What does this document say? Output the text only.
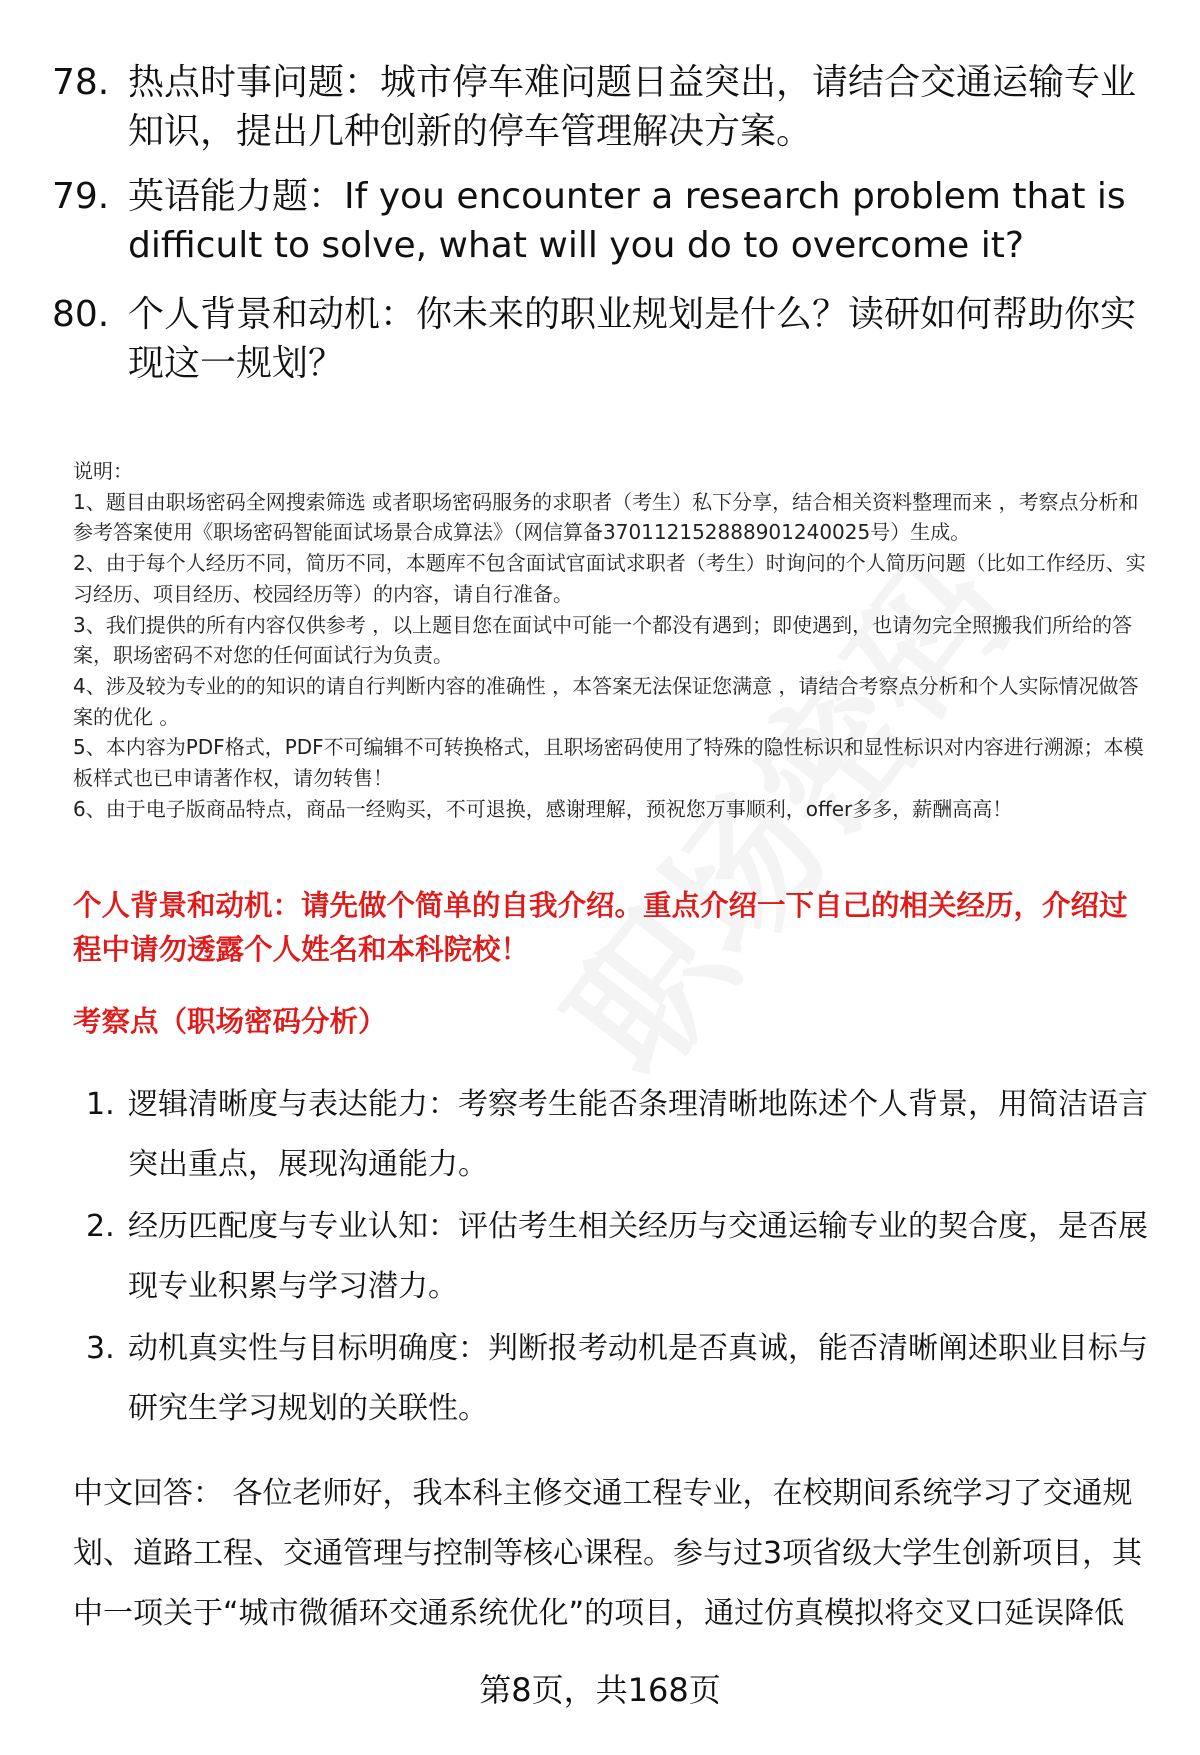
78. 热点时事问题：城市停车难问题日益突出，请结合交通运输专业知识，提出几种创新的停车管理解决方案。
79. 英语能力题：If you encounter a research problem that is difficult to solve, what will you do to overcome it?
80. 个人背景和动机：你未来的职业规划是什么？读研如何帮助你实现这一规划？
说明：
1、题目由职场密码全网搜索筛选 或者职场密码服务的求职者（考生）私下分享，结合相关资料整理而来 ，考察点分析和参考答案使用《职场密码智能面试场景合成算法》（网信算备370112152888901240025号）生成。
2、由于每个人经历不同，简历不同，本题库不包含面试官面试求职者（考生）时询问的个人简历问题（比如工作经历、实习经历、项目经历、校园经历等）的内容，请自行准备。
3、我们提供的所有内容仅供参考 ，以上题目您在面试中可能一个都没有遇到；即使遇到，也请勿完全照搬我们所给的答案，职场密码不对您的任何面试行为负责。
4、涉及较为专业的的知识的请自行判断内容的准确性 ，本答案无法保证您满意 ，请结合考察点分析和个人实际情况做答案的优化 。
5、本内容为PDF格式，PDF不可编辑不可转换格式，且职场密码使用了特殊的隐性标识和显性标识对内容进行溯源；本模板样式也已申请著作权，请勿转售！
6、由于电子版商品特点，商品一经购买，不可退换，感谢理解，预祝您万事顺利，offer多多，薪酬高高！
个人背景和动机：请先做个简单的自我介绍。重点介绍一下自己的相关经历，介绍过程中请勿透露个人姓名和本科院校！
考察点（职场密码分析）
1. 逻辑清晰度与表达能力：考察考生能否条理清晰地陈述个人背景，用简洁语言突出重点，展现沟通能力。
2. 经历匹配度与专业认知：评估考生相关经历与交通运输专业的契合度，是否展现专业积累与学习潜力。
3. 动机真实性与目标明确度：判断报考动机是否真诚，能否清晰阐述职业目标与研究生学习规划的关联性。
中文回答： 各位老师好，我本科主修交通工程专业，在校期间系统学习了交通规划、道路工程、交通管理与控制等核心课程。参与过3项省级大学生创新项目，其中一项关于“城市微循环交通系统优化”的项目，通过仿真模拟将交叉口延误降低
第8页，共168页
